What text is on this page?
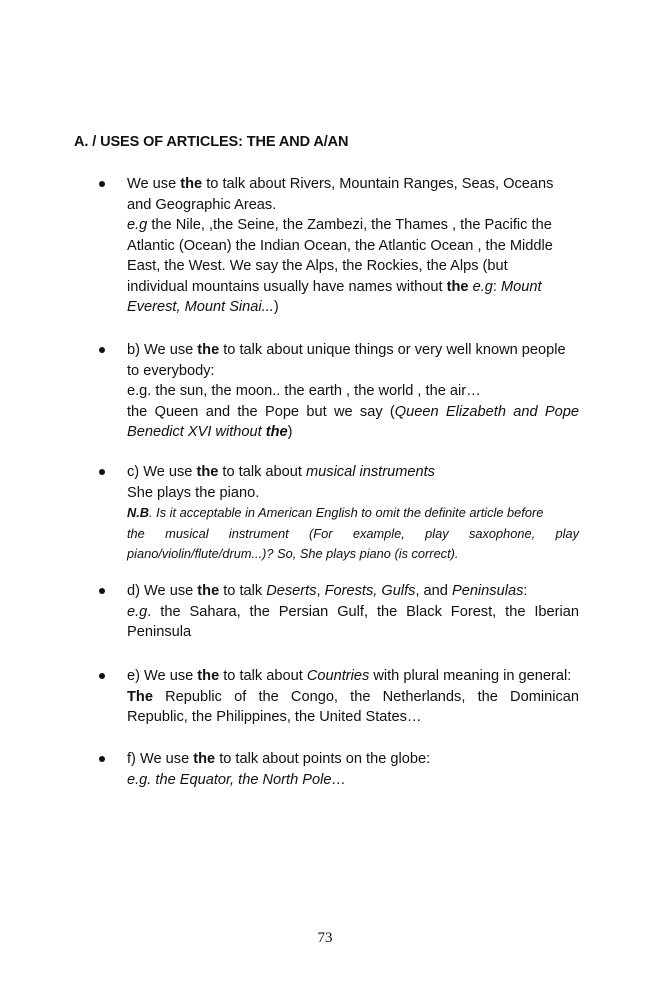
A. / USES OF ARTICLES: THE AND A/AN
We use the to talk about Rivers, Mountain Ranges, Seas, Oceans
and Geographic Areas.
e.g the Nile, ,the Seine, the Zambezi, the Thames , the Pacific the
Atlantic (Ocean) the Indian Ocean, the Atlantic Ocean , the Middle
East, the West. We say the Alps, the Rockies, the Alps (but
individual mountains usually have names without the e.g: Mount
Everest, Mount Sinai...)
b) We use the to talk about unique things or very well known people
to everybody:
e.g. the sun, the moon.. the earth , the world , the air…
the Queen and the Pope but we say (Queen Elizabeth and Pope
Benedict XVI without the)
c) We use the to talk about musical instruments
She plays the piano.
N.B. Is it acceptable in American English to omit the definite article before
the musical instrument (For example, play saxophone, play
piano/violin/flute/drum...)? So, She plays piano (is correct).
d) We use the to talk Deserts, Forests, Gulfs, and Peninsulas:
e.g. the Sahara, the Persian Gulf, the Black Forest, the Iberian
Peninsula
e) We use the to talk about Countries with plural meaning in general:
The Republic of the Congo, the Netherlands, the Dominican
Republic, the Philippines, the United States…
f) We use the to talk about points on the globe:
e.g. the Equator, the North Pole…
73
